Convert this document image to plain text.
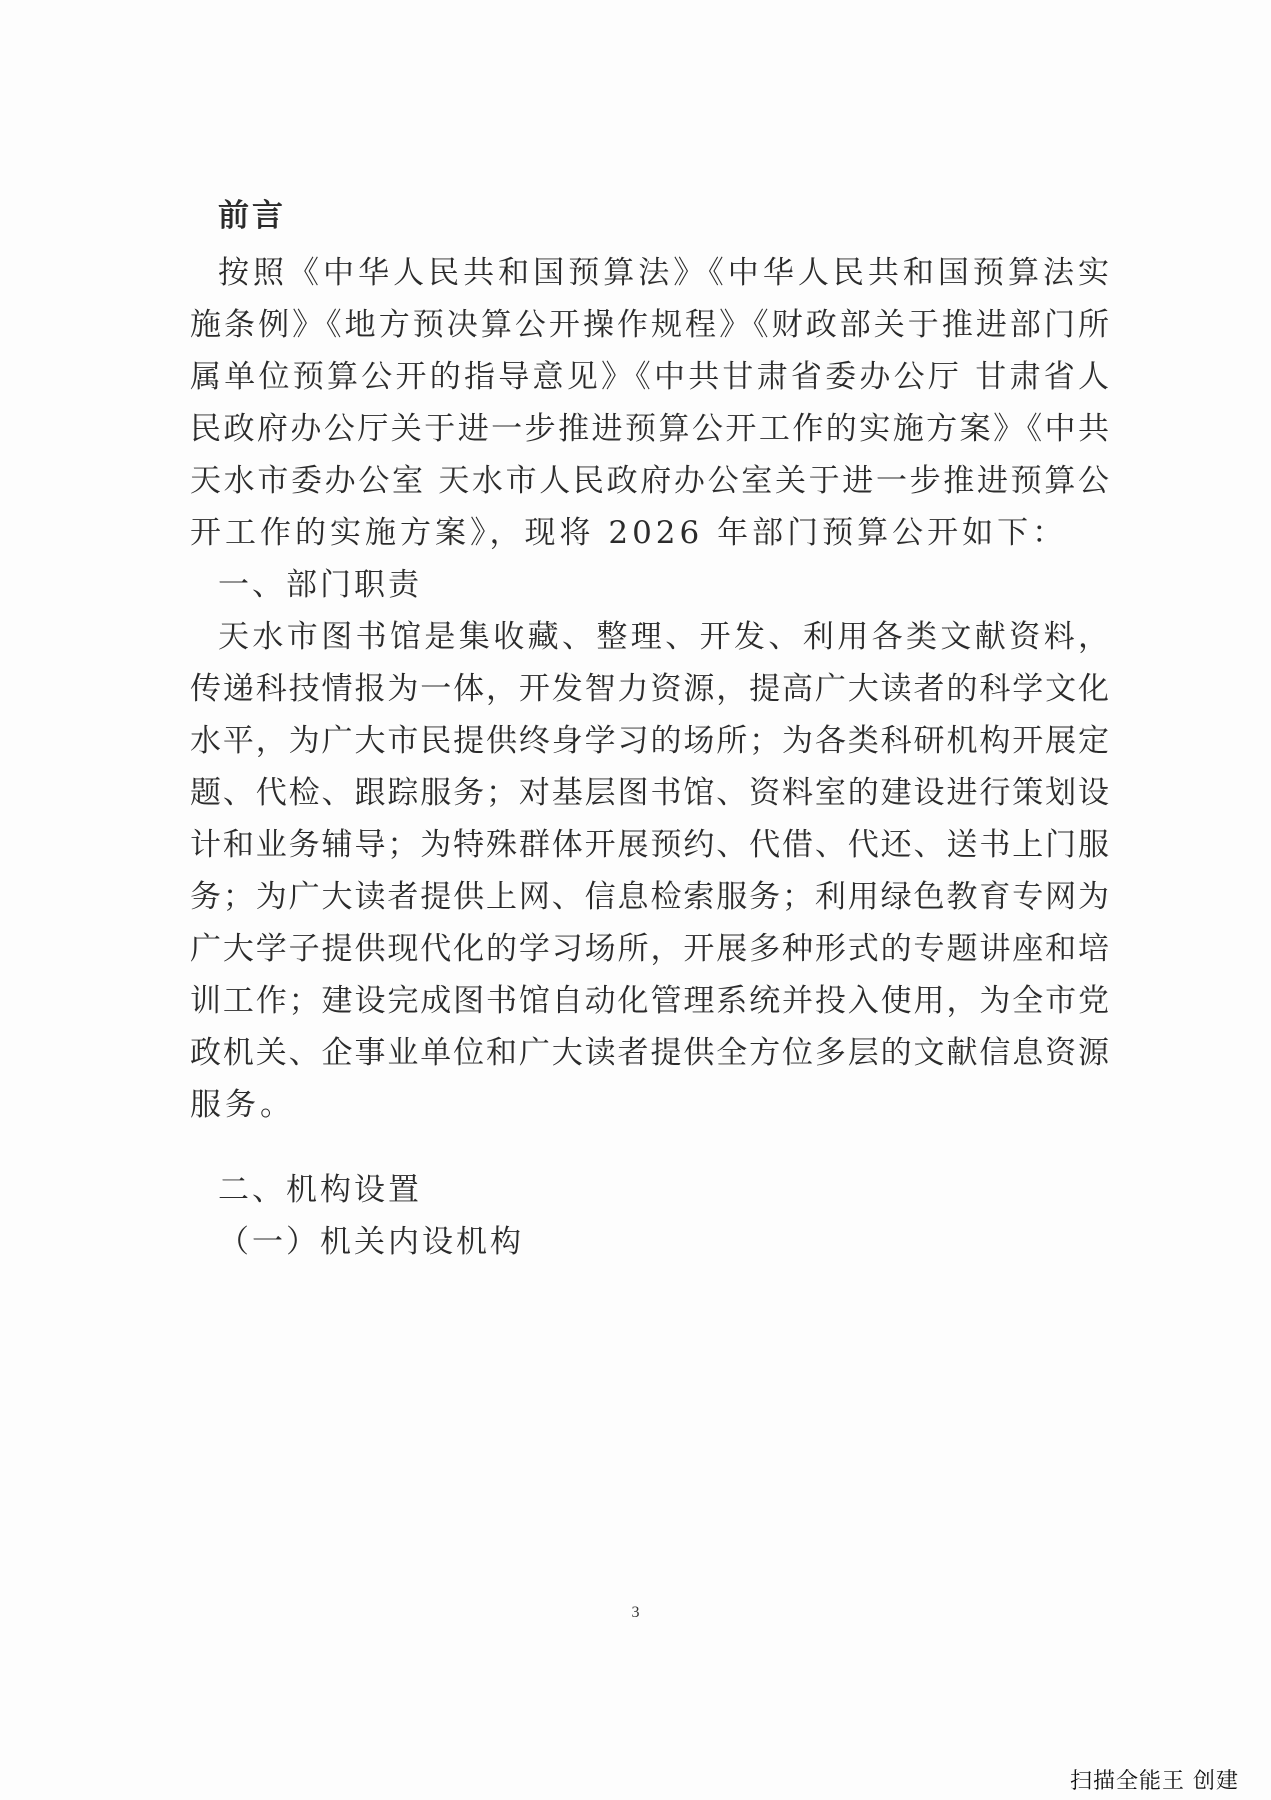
前言
按照《中华人民共和国预算法》《中华人民共和国预算法实
施条例》《地方预决算公开操作规程》《财政部关于推进部门所
属单位预算公开的指导意见》《中共甘肃省委办公厅 甘肃省人
民政府办公厅关于进一步推进预算公开工作的实施方案》《中共
天水市委办公室 天水市人民政府办公室关于进一步推进预算公
开工作的实施方案》，现将 2026 年部门预算公开如下：
一、部门职责
天水市图书馆是集收藏、整理、开发、利用各类文献资料，
传递科技情报为一体，开发智力资源，提高广大读者的科学文化
水平，为广大市民提供终身学习的场所；为各类科研机构开展定
题、代检、跟踪服务；对基层图书馆、资料室的建设进行策划设
计和业务辅导；为特殊群体开展预约、代借、代还、送书上门服
务；为广大读者提供上网、信息检索服务；利用绿色教育专网为
广大学子提供现代化的学习场所，开展多种形式的专题讲座和培
训工作；建设完成图书馆自动化管理系统并投入使用，为全市党
政机关、企事业单位和广大读者提供全方位多层的文献信息资源
服务。
二、机构设置
（一）机关内设机构
3
扫描全能王 创建
